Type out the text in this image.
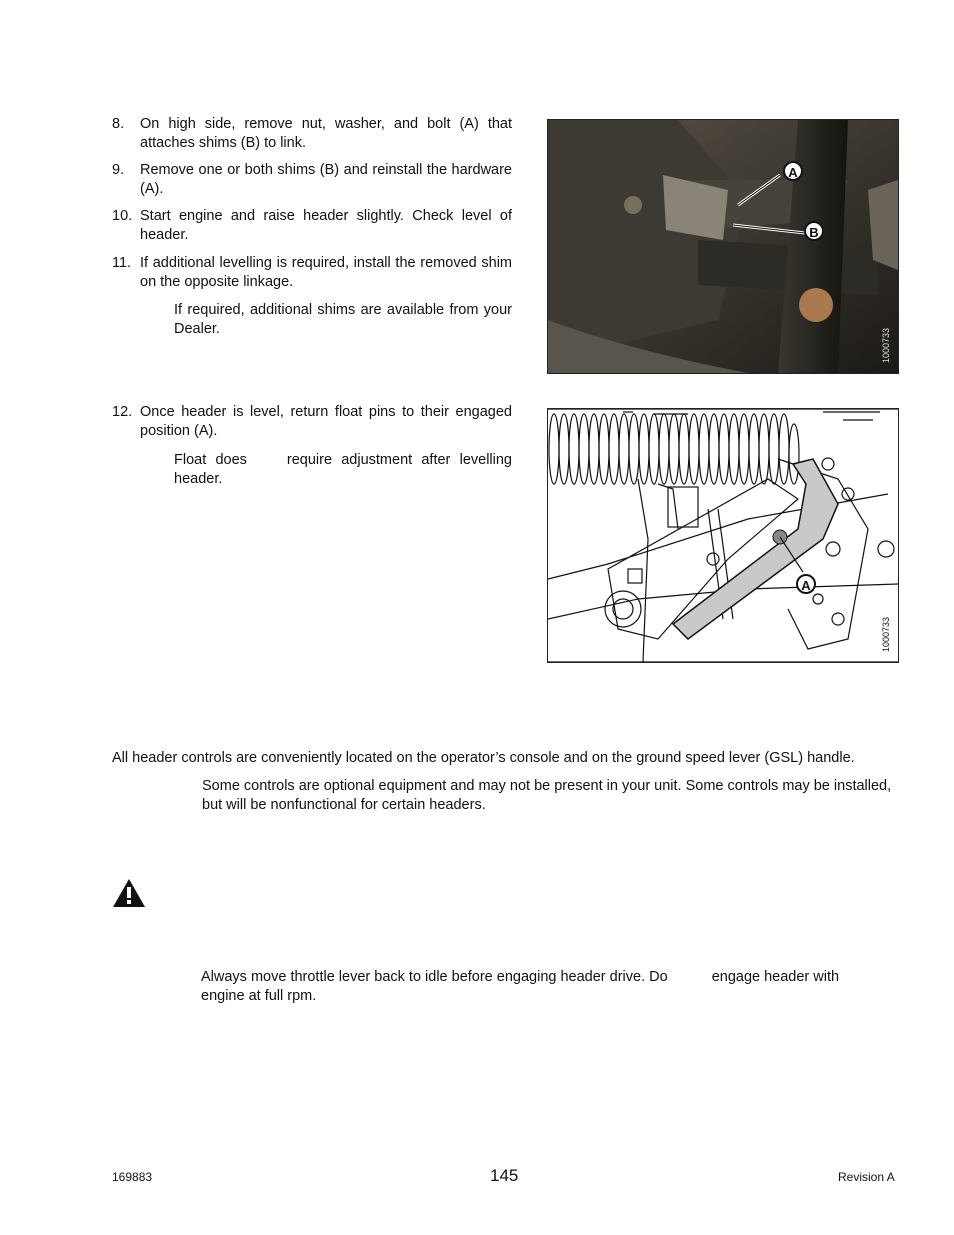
8.	On high side, remove nut, washer, and bolt (A) that attaches shims (B) to link.
9.	Remove one or both shims (B) and reinstall the hardware (A).
10. Start engine and raise header slightly. Check level of header.
11. If additional levelling is required, install the removed shim on the opposite linkage.
If required, additional shims are available from your Dealer.
A
B
1000733
12. Once header is level, return float pins to their engaged position (A).
Float does	require adjustment after levelling header.
A
1000733
All header controls are conveniently located on the operator’s console and on the ground speed lever (GSL) handle.
Some controls are optional equipment and may not be present in your unit. Some controls may be installed, but will be nonfunctional for certain headers.
Always move throttle lever back to idle before engaging header drive. Do	engage header with engine at full rpm.
169883	145	Revision A
